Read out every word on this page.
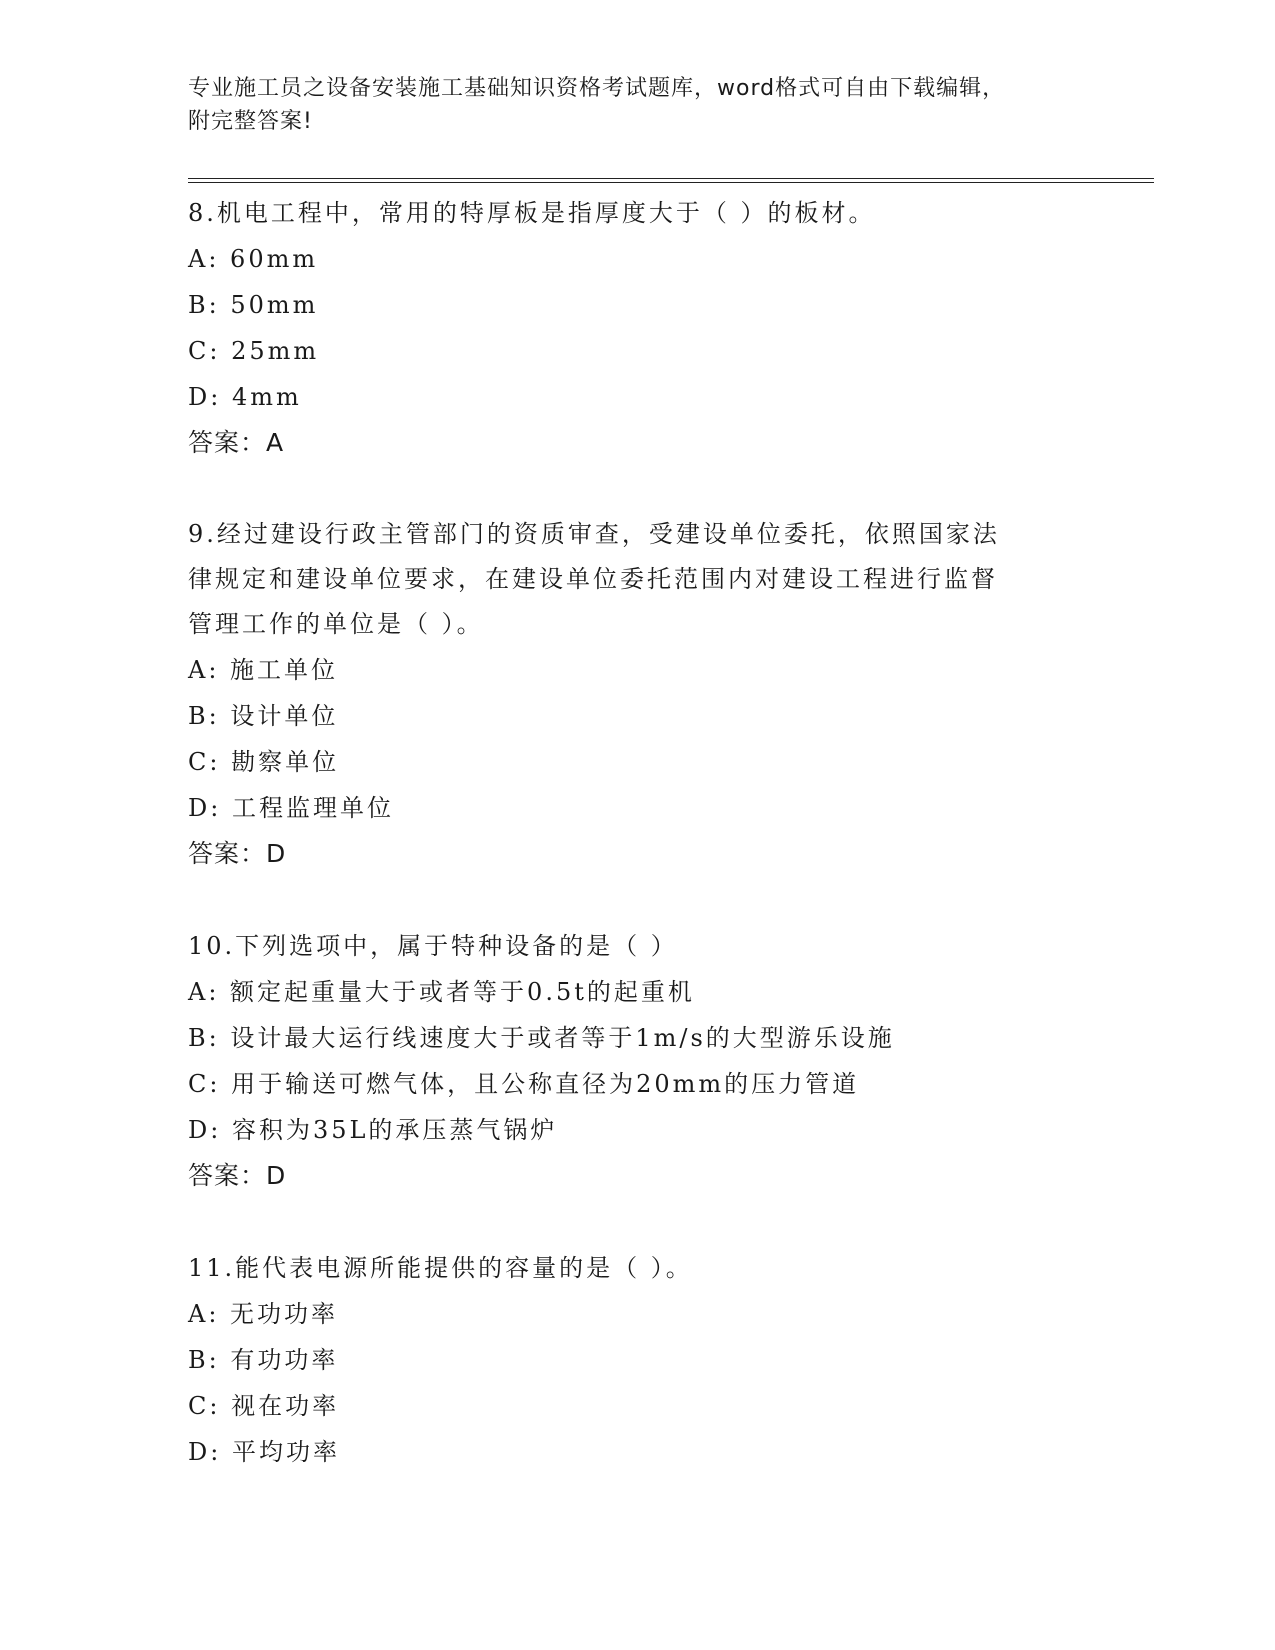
专业施工员之设备安装施工基础知识资格考试题库，word格式可自由下载编辑，
附完整答案!
8.机电工程中，常用的特厚板是指厚度大于（ ）的板材。
A: 60mm
B: 50mm
C: 25mm
D: 4mm
答案：A
9.经过建设行政主管部门的资质审查，受建设单位委托，依照国家法
律规定和建设单位要求，在建设单位委托范围内对建设工程进行监督
管理工作的单位是（ ）。
A: 施工单位
B: 设计单位
C: 勘察单位
D: 工程监理单位
答案：D
10.下列选项中，属于特种设备的是（ ）
A: 额定起重量大于或者等于0.5t的起重机
B: 设计最大运行线速度大于或者等于1m/s的大型游乐设施
C: 用于输送可燃气体，且公称直径为20mm的压力管道
D: 容积为35L的承压蒸气锅炉
答案：D
11.能代表电源所能提供的容量的是（ ）。
A: 无功功率
B: 有功功率
C: 视在功率
D: 平均功率
